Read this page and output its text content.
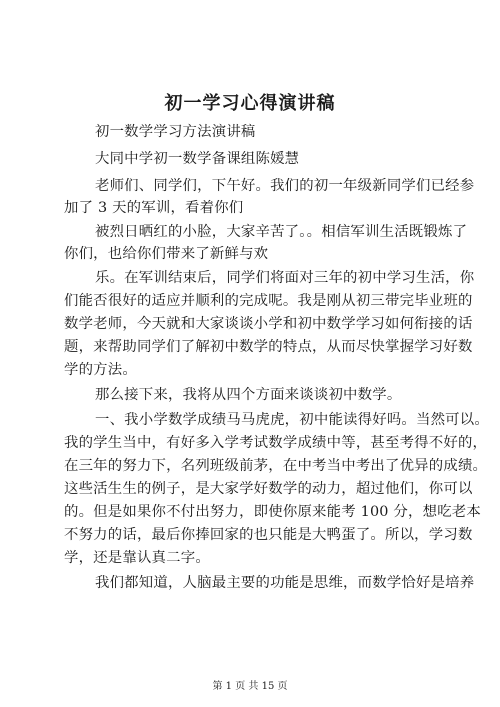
初一学习心得演讲稿
初一数学学习方法演讲稿
大同中学初一数学备课组陈媛慧
老师们、同学们，下午好。我们的初一年级新同学们已经参
加了 3 天的军训，看着你们
被烈日晒红的小脸，大家辛苦了。。相信军训生活既锻炼了
你们，也给你们带来了新鲜与欢
乐。在军训结束后，同学们将面对三年的初中学习生活，你
们能否很好的适应并顺利的完成呢。我是刚从初三带完毕业班的
数学老师，今天就和大家谈谈小学和初中数学学习如何衔接的话
题，来帮助同学们了解初中数学的特点，从而尽快掌握学习好数
学的方法。
那么接下来，我将从四个方面来谈谈初中数学。
一、我小学数学成绩马马虎虎，初中能读得好吗。当然可以。
我的学生当中，有好多入学考试数学成绩中等，甚至考得不好的，
在三年的努力下，名列班级前茅，在中考当中考出了优异的成绩。
这些活生生的例子，是大家学好数学的动力，超过他们，你可以
的。但是如果你不付出努力，即使你原来能考 100 分，想吃老本
不努力的话，最后你捧回家的也只能是大鸭蛋了。所以，学习数
学，还是靠认真二字。
我们都知道，人脑最主要的功能是思维，而数学恰好是培养
第 1 页 共 15 页
